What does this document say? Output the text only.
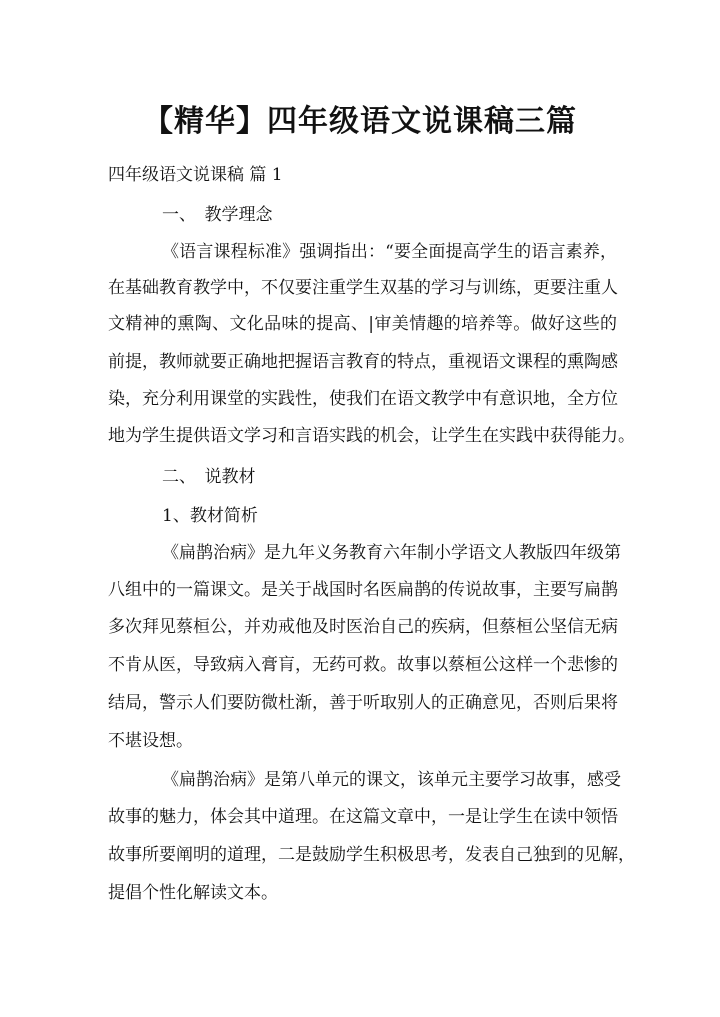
【精华】四年级语文说课稿三篇
四年级语文说课稿 篇 1
一、　教学理念
《语言课程标准》强调指出：“要全面提高学生的语言素养，
在基础教育教学中，不仅要注重学生双基的学习与训练，更要注重人
文精神的熏陶、文化品味的提高、|审美情趣的培养等。做好这些的
前提，教师就要正确地把握语言教育的特点，重视语文课程的熏陶感
染，充分利用课堂的实践性，使我们在语文教学中有意识地，全方位
地为学生提供语文学习和言语实践的机会，让学生在实践中获得能力。
二、　说教材
1、教材简析
《扁鹊治病》是九年义务教育六年制小学语文人教版四年级第
八组中的一篇课文。是关于战国时名医扁鹊的传说故事，主要写扁鹊
多次拜见蔡桓公，并劝戒他及时医治自己的疾病，但蔡桓公坚信无病
不肯从医，导致病入膏肓，无药可救。故事以蔡桓公这样一个悲惨的
结局，警示人们要防微杜渐，善于听取别人的正确意见，否则后果将
不堪设想。
《扁鹊治病》是第八单元的课文，该单元主要学习故事，感受
故事的魅力，体会其中道理。在这篇文章中，一是让学生在读中领悟
故事所要阐明的道理，二是鼓励学生积极思考，发表自己独到的见解，
提倡个性化解读文本。
